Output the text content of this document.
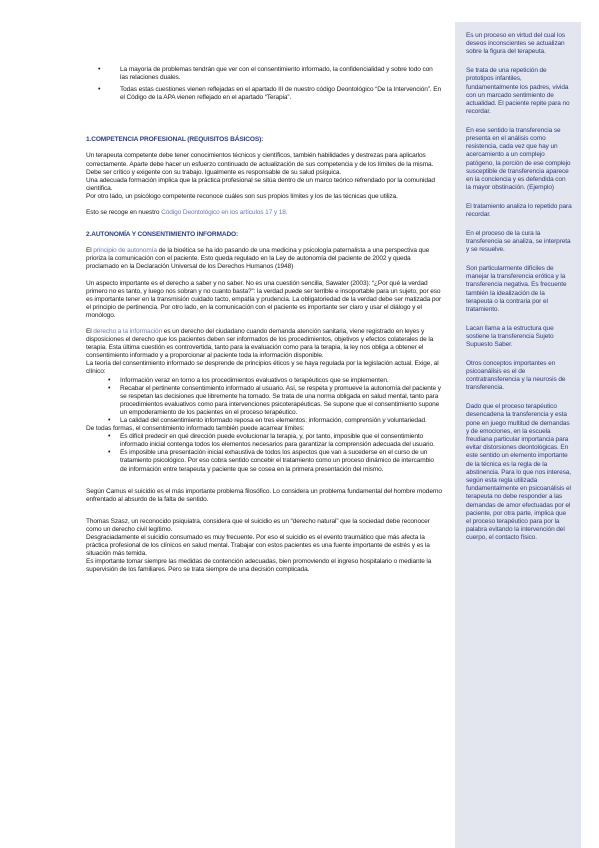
• La mayoría de problemas tendrán que ver con el consentimiento informado, la confidencialidad y sobre todo con las relaciones duales.
• Todas estas cuestiones vienen reflejadas en el apartado III de nuestro código Deontológico “De la Intervención”. En el Código de la APA vienen reflejado en el apartado “Terapia”.

1.COMPETENCIA PROFESIONAL (REQUISITOS BÁSICOS):

Un terapeuta competente debe tener conocimientos técnicos y científicos, también habilidades y destrezas para aplicarlos correctamente. Aparte debe hacer un esfuerzo continuado de actualización de sus competencia y de los límites de la misma.

Debe ser crítico y exigente con su trabajo. Igualmente es responsable de su salud psíquica.

Una adecuada formación implica que la práctica profesional se sitúa dentro de un marco teórico refrendado por la comunidad científica.

Por otro lado, un psicólogo competente reconoce cuáles son sus propios límites y los de las técnicas que utiliza.

Esto se recoge en nuestro Código Deontológico en los artículos 17 y 18.

2.AUTONOMÍA Y CONSENTIMIENTO INFORMADO:

El principio de autonomía de la bioética se ha ido pasando de una medicina y psicología paternalista a una perspectiva que prioriza la comunicación con el paciente. Esto queda regulado en la Ley de autonomía del paciente de 2002 y queda proclamado en la Declaración Universal de los Derechos Humanos (1948)

Un aspecto importante es el derecho a saber y no saber. No es una cuestión sencilla, Sawater (2003): “¿Por qué la verdad primero no es tanto, y luego nos sobran y no cuanto basta?”: la verdad puede ser terrible e insoportable para un sujeto, por eso es importante tener en la transmisión cuidado tacto, empatía y prudencia. La obligatoriedad de la verdad debe ser matizada por el principio de pertinencia. Por otro lado, en la comunicación con el paciente es importante ser claro y usar el diálogo y el monólogo.

El derecho a la información es un derecho del ciudadano cuando demanda atención sanitaria, viene registrado en leyes y disposiciones el derecho que los pacientes deben ser informados de los procedimientos, objetivos y efectos colaterales de la terapia. Esta última cuestión es controvertida, tanto para la evaluación como para la terapia, la ley nos obliga a obtener el consentimiento informado y a proporcionar al paciente toda la información disponible.

La teoría del consentimiento informado se desprende de principios éticos y se haya regulada por la legislación actual. Exige, al clínico:

• Información veraz en torno a los procedimientos evaluativos o terapéuticos que se implementen.
• Recabar el pertinente consentimiento informado al usuario. Así, se respeta y promueve la autonomía del paciente y se respetan las decisiones que libremente ha tomado. Se trata de una norma obligada en salud mental, tanto para procedimientos evaluativos como para intervenciones psicoterapéuticas. Se supone que el consentimiento supone un empoderamiento de los pacientes en el proceso terapéutico.
• La calidad del consentimiento informado reposa en tres elementos: información, comprensión y voluntariedad.

De todas formas, el consentimiento informado también puede acarrear límites:

• Es difícil predecir en qué dirección puede evolucionar la terapia, y, por tanto, imposible que el consentimiento informado inicial contenga todos los elementos necesarios para garantizar la comprensión adecuada del usuario.
• Es imposible una presentación inicial exhaustiva de todos los aspectos que van a sucederse en el curso de un tratamiento psicológico. Por eso cobra sentido concebir el tratamiento como un proceso dinámico de intercambio de información entre terapeuta y paciente que se cosea en la primera presentación del mismo.

Según Camus el suicidio es el más importante problema filosófico. Lo considera un problema fundamental del hombre moderno enfrentado al absurdo de la falta de sentido.

Thomas Szasz, un reconocido psiquiatra, considera que el suicidio es un “derecho natural” que la sociedad debe reconocer como un derecho civil legítimo.

Desgraciadamente el suicidio consumado es muy frecuente. Por eso el suicidio es el evento traumático que más afecta la práctica profesional de los clínicos en salud mental. Trabajar con estos pacientes es una fuente importante de estrés y es la situación más temida.

Es importante tomar siempre las medidas de contención adecuadas, bien promoviendo el ingreso hospitalario o mediante la supervisión de los familiares. Pero se trata siempre de una decisión complicada.

Es un proceso en virtud del cual los deseos inconscientes se actualizan sobre la figura del terapeuta.

Se trata de una repetición de prototipos infantiles, fundamentalmente los padres, vivida con un marcado sentimiento de actualidad. El paciente repite para no recordar.

En ese sentido la transferencia se presenta en el análisis como resistencia, cada vez que hay un acercamiento a un complejo patógeno, la porción de ese complejo susceptible de transferencia aparece en la conciencia y es defendida con la mayor obstinación. (Ejemplo)

El tratamiento analiza lo repetido para recordar.

En el proceso de la cura la transferencia se analiza, se interpreta y se resuelve.

Son particularmente difíciles de manejar la transferencia erótica y la transferencia negativa. Es frecuente también la idealización de la terapeuta o la contraria por el tratamiento.

Lacan llama a la estructura que sostiene la transferencia Sujeto Supuesto Saber.

Otros conceptos importantes en psicoanálisis es el de contratransferencia y la neurosis de transferencia.

Dado que el proceso terapéutico desencadena la transferencia y esta pone en juego multitud de demandas y de emociones, en la escuela freudiana particular importancia para evitar distorsiones deontológicas. En este sentido un elemento importante de la técnica es la regla de la abstinencia. Para lo que nos interesa, según esta regla utilizada fundamentalmente en psicoanálisis el terapeuta no debe responder a las demandas de amor efectuadas por el paciente, por otra parte, implica que el proceso terapéutico para por la palabra evitando la intervención del cuerpo, el contacto físico.
